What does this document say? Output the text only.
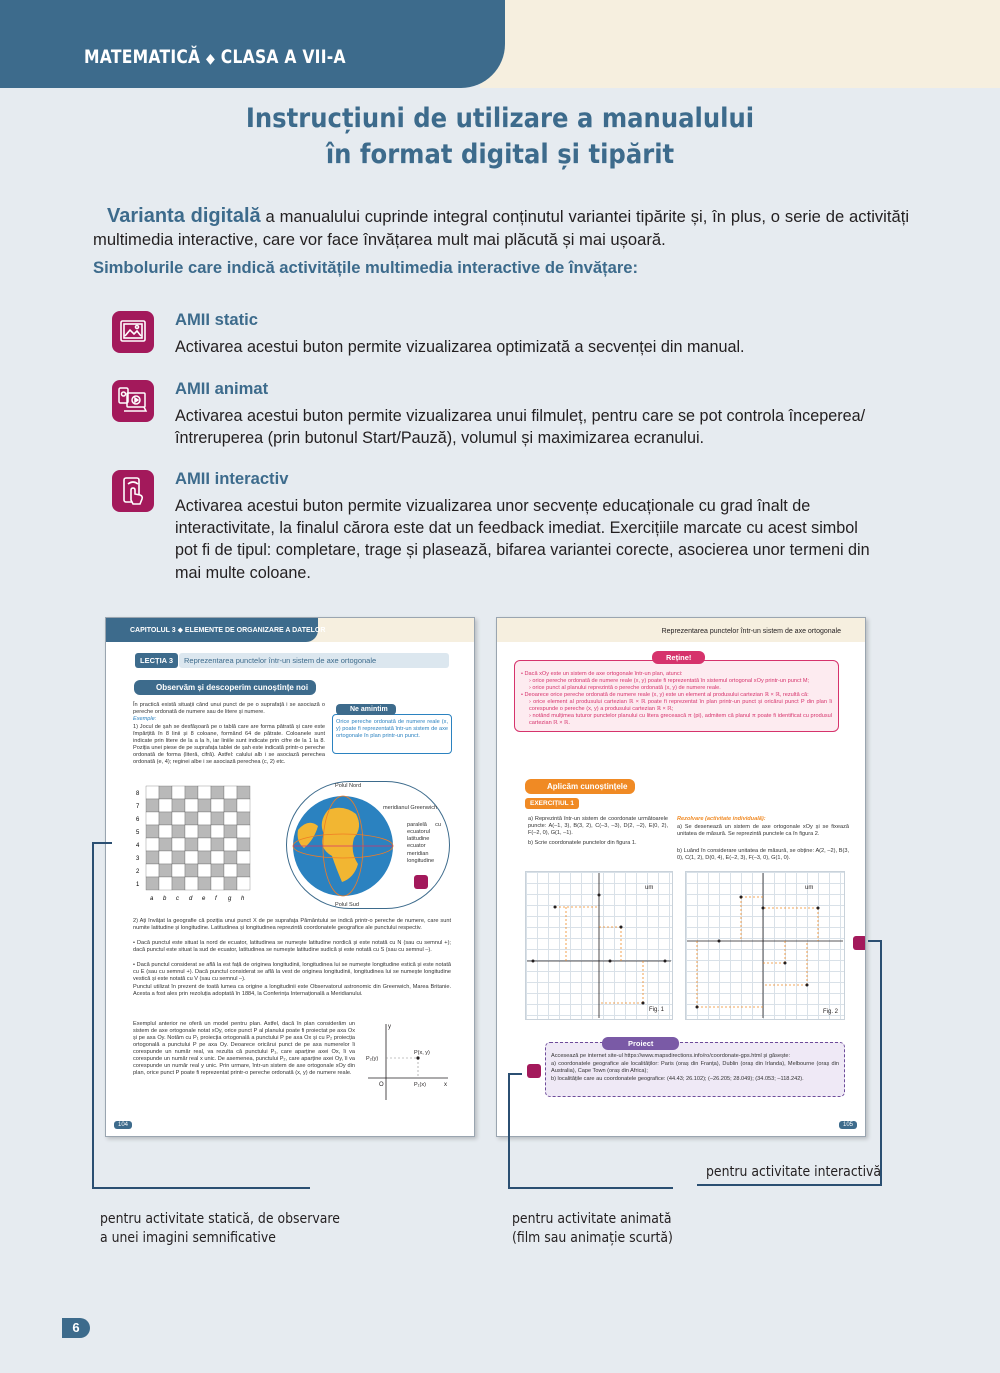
MATEMATICĂ ◆ CLASA A VII-A
Instrucțiuni de utilizare a manualului
în format digital și tipărit

Varianta digitală a manualului cuprinde integral conținutul variantei tipărite și, în plus, o serie de activități multimedia interactive, care vor face învățarea mult mai plăcută și mai ușoară.

Simbolurile care indică activitățile multimedia interactive de învățare:
AMII static
Activarea acestui buton permite vizualizarea optimizată a secvenței din manual.
AMII animat
Activarea acestui buton permite vizualizarea unui filmuleț, pentru care se pot controla începerea/întreruperea (prin butonul Start/Pauză), volumul și maximizarea ecranului.
AMII interactiv
Activarea acestui buton permite vizualizarea unor secvențe educaționale cu grad înalt de interactivitate, la finalul cărora este dat un feedback imediat. Exercițiile marcate cu acest simbol pot fi de tipul: completare, trage și plasează, bifarea variantei corecte, asocierea unor termeni din mai multe coloane.
CAPITOLUL 3 ◆ ELEMENTE DE ORGANIZARE A DATELOR
LECȚIA 3	Reprezentarea punctelor într-un sistem de axe ortogonale
Observăm și descoperim cunoștințe noi
În practică există situații când unui punct de pe o suprafață i se asociază o pereche ordonată de numere sau de litere și numere.
Exemple:
1) Jocul de șah se desfășoară pe o tablă care are forma pătrată și care este împărțită în 8 linii și 8 coloane, formând 64 de pătrate. Coloanele sunt indicate prin litere de la a la h, iar liniile sunt indicate prin cifre de la 1 la 8. Poziția unei piese de pe suprafața tablei de șah este indicată printr-o pereche ordonată de forma (literă, cifră). Astfel: calului alb i se asociază perechea ordonată (e, 4); reginei albe i se asociază perechea (c, 2) etc.
Ne amintim
Orice pereche ordonată de numere reale (x, y) poate fi reprezentată într-un sistem de axe ortogonale în plan printr-un punct.
8
7
6
5
4
3
2
1
a b c d e f g h
Polul Nord
Polul Sud
meridianul Greenwich
paralelă cu ecuatorul
latitudine
ecuator
meridian
longitudine
2) Ați învățat la geografie că poziția unui punct X de pe suprafața Pământului se indică printr-o pereche de numere, care sunt numite latitudine și longitudine. Latitudinea și longitudinea reprezintă coordonatele geografice ale punctului respectiv.
• Dacă punctul este situat la nord de ecuator, latitudinea se numește latitudine nordică și este notată cu N (sau cu semnul +); dacă punctul este situat la sud de ecuator, latitudinea se numește latitudine sudică și este notată cu S (sau cu semnul –).
• Dacă punctul considerat se află la est față de originea longitudinii, longitudinea lui se numește longitudine estică și este notată cu E (sau cu semnul +). Dacă punctul considerat se află la vest de originea longitudinii, longitudinea lui se numește longitudine vestică și este notată cu V (sau cu semnul –).
Punctul utilizat în prezent de toată lumea ca origine a longitudinii este Observatorul astronomic din Greenwich, Marea Britanie. Acesta a fost ales prin rezoluția adoptată în 1884, la Conferința Internațională a Meridianului.
Exemplul anterior ne oferă un model pentru plan. Astfel, dacă în plan considerăm un sistem de axe ortogonale notat xOy, orice punct P al planului poate fi proiectat pe axa Ox și pe axa Oy. Notăm cu P₁ proiecția ortogonală a punctului P pe axa Ox și cu P₂ proiecția ortogonală a punctului P pe axa Oy. Deoarece oricărui punct de pe axa numerelor îi corespunde un număr real, va rezulta că punctului P₁, care aparține axei Ox, îi va corespunde un număr real x unic. De asemenea, punctului P₂, care aparține axei Oy, îi va corespunde un număr real y unic. Prin urmare, într-un sistem de axe ortogonale xOy din plan, orice punct P poate fi reprezentat printr-o pereche ordonată (x, y) de numere reale.
y
x
O
P(x, y)
P₂(y)
P₁(x)
104
Reprezentarea punctelor într-un sistem de axe ortogonale
• Dacă xOy este un sistem de axe ortogonale într-un plan, atunci:
› orice pereche ordonată de numere reale (x, y) poate fi reprezentată în sistemul ortogonal xOy printr-un punct M;
› orice punct al planului reprezintă o pereche ordonată (x, y) de numere reale.
• Deoarece orice pereche ordonată de numere reale (x, y) este un element al produsului cartezian ℝ × ℝ, rezultă că:
› orice element al produsului cartezian ℝ × ℝ poate fi reprezentat în plan printr-un punct și oricărui punct P din plan îi corespunde o pereche (x, y) a produsului cartezian ℝ × ℝ;
› notând mulțimea tuturor punctelor planului cu litera grecească π (pi), admitem că planul π poate fi identificat cu produsul cartezian ℝ × ℝ.
Reține!
Aplicăm cunoștințele
EXERCIȚIUL 1
a) Reprezintă într-un sistem de coordonate următoarele puncte: A(–1, 3), B(3, 2), C(–3, –3), D(2, –2), E(0, 2), F(–2, 0), G(1, –1).
b) Scrie coordonatele punctelor din figura 1.
Rezolvare (activitate individuală):
a) Se desenează un sistem de axe ortogonale xOy și se fixează unitatea de măsură. Se reprezintă punctele ca în figura 2.
b) Luând în considerare unitatea de măsură, se obține: A(2, –2), B(3, 0), C(1, 2), D(0, 4), E(–2, 3), F(–3, 0), G(1, 0).
Fig. 1
um
Fig. 2
um
Accesează pe internet site-ul https://www.mapsdirections.info/ro/coordonate-gps.html și găsește:
a) coordonatele geografice ale localităților: Paris (oraș din Franța), Dublin (oraș din Irlanda), Melbourne (oraș din Australia), Cape Town (oraș din Africa);
b) localitățile care au coordonatele geografice: (44.43; 26.102); (–26.205; 28.049); (34.053; –118.242).
Proiect
105
pentru activitate statică, de observare
a unei imagini semnificative
pentru activitate animată
(film sau animație scurtă)
pentru activitate interactivă
6
